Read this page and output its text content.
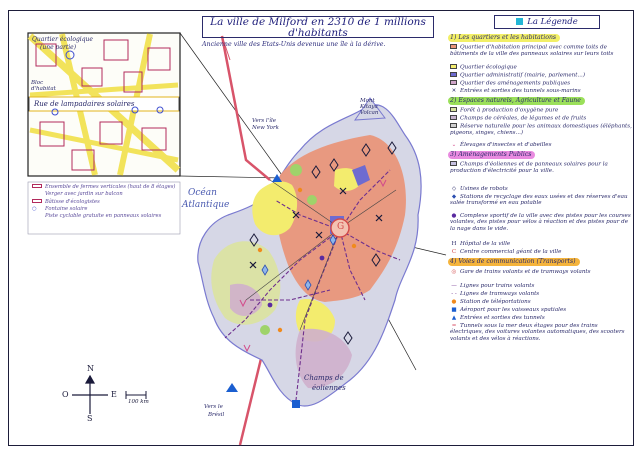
La ville de Milford en 2310 de 1 millions d'habitants
Ancienne ville des Etats-Unis devenue une île à la dérive.
Quartier écologique
(une partie)
Bloc
d'habitat
Rue de lampadaires solaires
Ensemble de fermes verticales (haut de 8 étages)
Verger avec jardin sur balcon
Bâtisse d'écologistes
○ Fontaine solaire
Piste cyclable gratuite en panneaux solaires
Océan
Atlantique
Vers l'île
New York
Mont
Kitaya
Volcan
Champs de
éoliennes
Vers le
Brésil
G
N
S
E
O
100 km
La Légende
1) Les quartiers et les habitations
Quartier d'habitation principal avec comme toits de bâtiments de la ville des panneaux solaires sur leurs toits
Quartier écologique
Quartier administratif (mairie, parlement...)
Quartier des aménagements publiques
✕ Entrées et sorties des tunnels sous-marins
2) Espaces naturels, Agriculture et Faune
Forêt à production d'oxygène pure
Champs de céréales, de légumes et de fruits
Réserve naturelle pour les animaux domestiques (éléphants, pigeons, singes, chiens...)
⌄ Élevages d'insectes et d'abeilles
3) Aménagements Publics
Champs d'éoliennes et de panneaux solaires pour la production d'électricité pour la ville.
◇ Usines de robots
◆ Stations de recyclage des eaux usées et des réserves d'eau salée transformé en eau potable
● Complexe sportif de la ville avec des pistes pour les courses volantes, des pistes pour vélos à réaction et des pistes pour de la nage dans le vide.
H Hôpital de la ville
C Centre commercial géant de la ville
4) Voies de communication (Transports)
◎ Gare de trains volants et de tramways volants
— Lignes pour trains volants
- - Lignes de tramways volants
● Station de téléportations
■ Aéroport pour les vaisseaux spatiales
▲ Entrées et sorties des tunnels
═ Tunnels sous la mer deux étages pour des trains électriques, des voitures volantes automatiques, des scooters volants et des vélos à réactions.
